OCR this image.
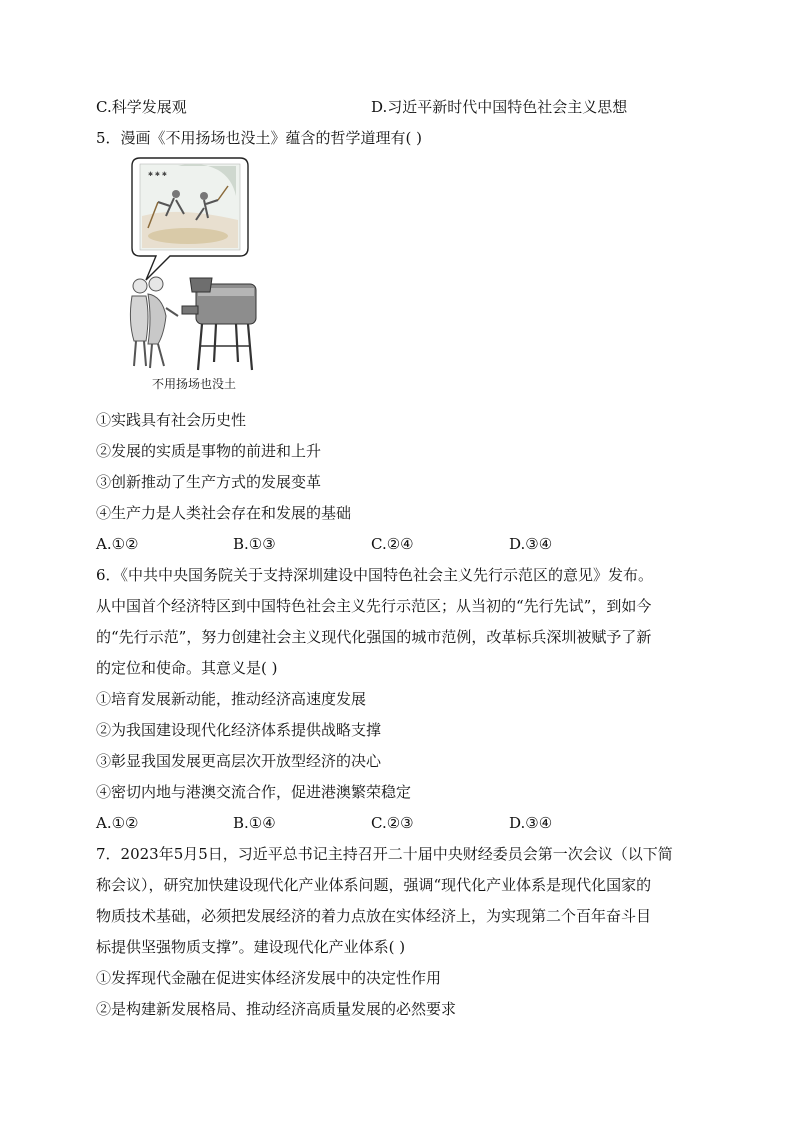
C.科学发展观	D.习近平新时代中国特色社会主义思想
5．漫画《不用扬场也没土》蕴含的哲学道理有( )
✱ ✱ ✱
不用扬场也没土
①实践具有社会历史性
②发展的实质是事物的前进和上升
③创新推动了生产方式的发展变革
④生产力是人类社会存在和发展的基础
A.①②	B.①③	C.②④	D.③④
6．《中共中央国务院关于支持深圳建设中国特色社会主义先行示范区的意见》发布。
从中国首个经济特区到中国特色社会主义先行示范区；从当初的“先行先试”，到如今
的“先行示范”，努力创建社会主义现代化强国的城市范例，改革标兵深圳被赋予了新
的定位和使命。其意义是( )
①培育发展新动能，推动经济高速度发展
②为我国建设现代化经济体系提供战略支撑
③彰显我国发展更高层次开放型经济的决心
④密切内地与港澳交流合作，促进港澳繁荣稳定
A.①②	B.①④	C.②③	D.③④
7．2023年5月5日，习近平总书记主持召开二十届中央财经委员会第一次会议（以下简
称会议），研究加快建设现代化产业体系问题，强调“现代化产业体系是现代化国家的
物质技术基础，必须把发展经济的着力点放在实体经济上，为实现第二个百年奋斗目
标提供坚强物质支撑”。建设现代化产业体系( )
①发挥现代金融在促进实体经济发展中的决定性作用
②是构建新发展格局、推动经济高质量发展的必然要求
